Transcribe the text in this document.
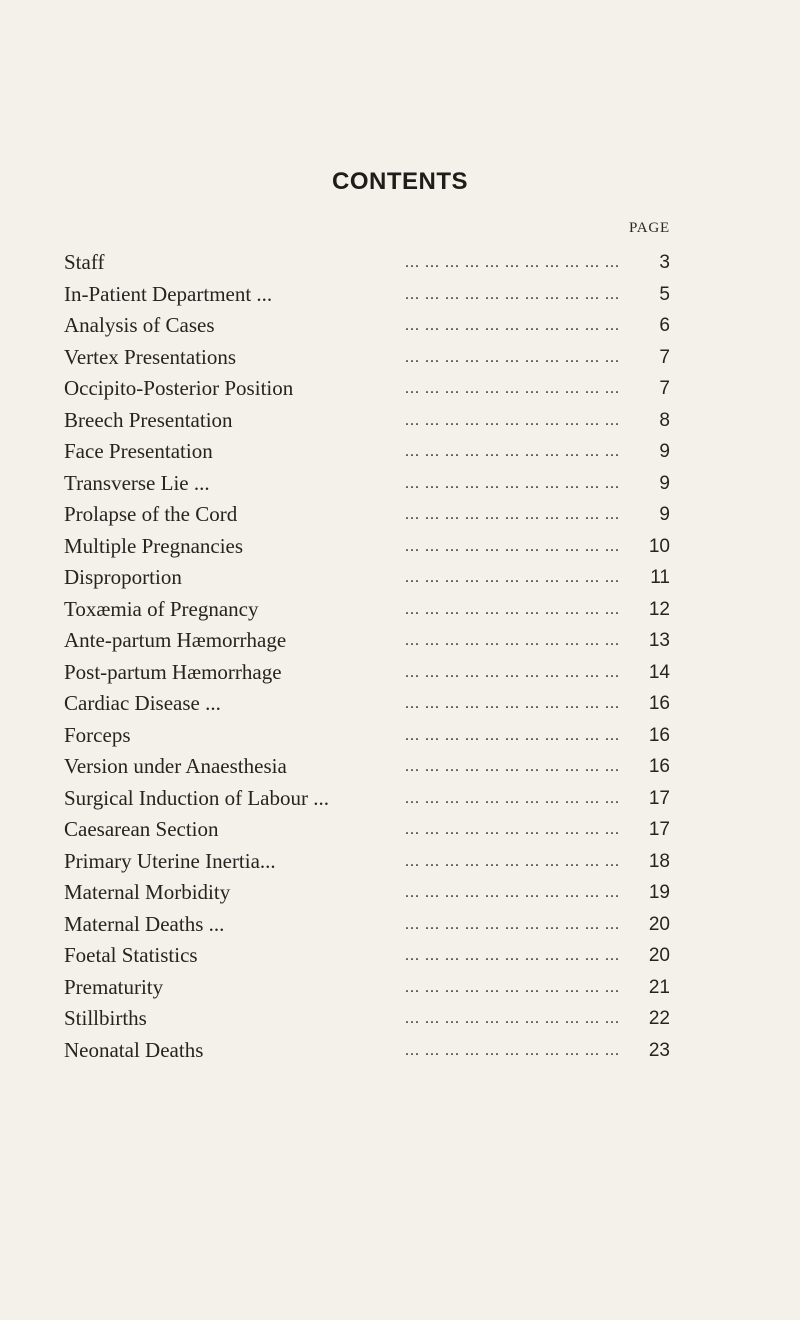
CONTENTS
PAGE
Staff	... ... ... ... ... ... ... ... ... ... ...	3
In-Patient Department ...	... ... ... ... ... ... ... ... ... ... ...	5
Analysis of Cases	... ... ... ... ... ... ... ... ... ... ...	6
Vertex Presentations	... ... ... ... ... ... ... ... ... ... ...	7
Occipito-Posterior Position	... ... ... ... ... ... ... ... ... ... ...	7
Breech Presentation	... ... ... ... ... ... ... ... ... ... ...	8
Face Presentation	... ... ... ... ... ... ... ... ... ... ...	9
Transverse Lie ...	... ... ... ... ... ... ... ... ... ... ...	9
Prolapse of the Cord	... ... ... ... ... ... ... ... ... ... ...	9
Multiple Pregnancies	... ... ... ... ... ... ... ... ... ... ...	10
Disproportion	... ... ... ... ... ... ... ... ... ... ...	11
Toxæmia of Pregnancy	... ... ... ... ... ... ... ... ... ... ...	12
Ante-partum Hæmorrhage	... ... ... ... ... ... ... ... ... ... ...	13
Post-partum Hæmorrhage	... ... ... ... ... ... ... ... ... ... ...	14
Cardiac Disease ...	... ... ... ... ... ... ... ... ... ... ...	16
Forceps	... ... ... ... ... ... ... ... ... ... ...	16
Version under Anaesthesia	... ... ... ... ... ... ... ... ... ... ...	16
Surgical Induction of Labour ...	... ... ... ... ... ... ... ... ... ... ...	17
Caesarean Section	... ... ... ... ... ... ... ... ... ... ...	17
Primary Uterine Inertia...	... ... ... ... ... ... ... ... ... ... ...	18
Maternal Morbidity	... ... ... ... ... ... ... ... ... ... ...	19
Maternal Deaths ...	... ... ... ... ... ... ... ... ... ... ...	20
Foetal Statistics	... ... ... ... ... ... ... ... ... ... ...	20
Prematurity	... ... ... ... ... ... ... ... ... ... ...	21
Stillbirths	... ... ... ... ... ... ... ... ... ... ...	22
Neonatal Deaths	... ... ... ... ... ... ... ... ... ... ...	23
